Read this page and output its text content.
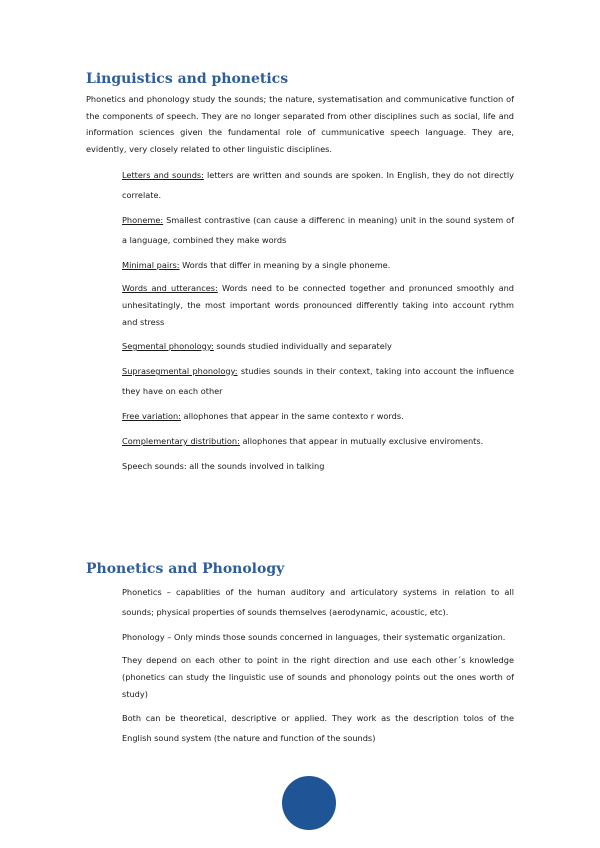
Linguistics and phonetics

Phonetics and phonology study the sounds; the nature, systematisation and communicative function of the components of speech. They are no longer separated from other disciplines such as social, life and information sciences given the fundamental role of cummunicative speech language. They are, evidently, very closely related to other linguistic disciplines.

Letters and sounds: letters are written and sounds are spoken. In English, they do not directly correlate.

Phoneme: Smallest contrastive (can cause a differenc in meaning) unit in the sound system of a language, combined they make words

Minimal pairs: Words that differ in meaning by a single phoneme.

Words and utterances: Words need to be connected together and pronunced smoothly and unhesitatingly, the most important words pronounced differently taking into account rythm and stress

Segmental phonology: sounds studied individually and separately

Suprasegmental phonology: studies sounds in their context, taking into account the influence they have on each other

Free variation: allophones that appear in the same contexto r words.

Complementary distribution: allophones that appear in mutually exclusive enviroments.

Speech sounds: all the sounds involved in talking

Phonetics and Phonology

Phonetics – capablities of the human auditory and articulatory systems in relation to all sounds; physical properties of sounds themselves (aerodynamic, acoustic, etc).

Phonology – Only minds those sounds concerned in languages, their systematic organization.

They depend on each other to point in the right direction and use each other´s knowledge (phonetics can study the linguistic use of sounds and phonology points out the ones worth of study)

Both can be theoretical, descriptive or applied. They work as the description tolos of the English sound system (the nature and function of the sounds)
